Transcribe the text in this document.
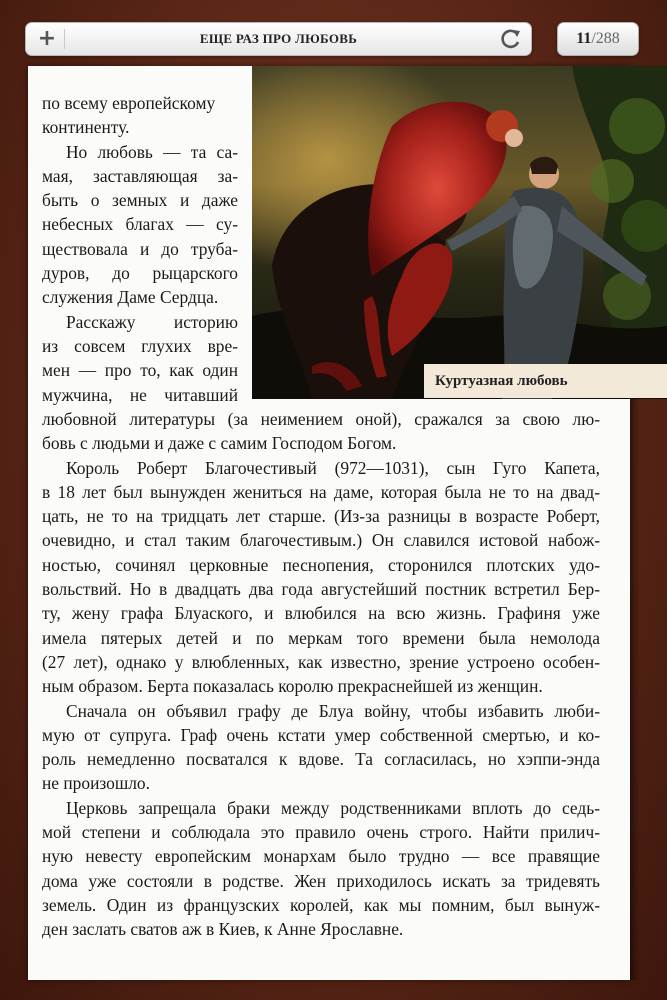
+	ЕЩЕ РАЗ ПРО ЛЮБОВЬ	11/288
Куртуазная любовь
по всему европейскому
континенту.
Но любовь — та са-
мая, заставляющая за-
быть о земных и даже
небесных благах — су-
ществовала и до труба-
дуров, до рыцарского
служения Даме Сердца.
Расскажу историю
из совсем глухих вре-
мен — про то, как один
мужчина, не читавший
любовной литературы (за неимением оной), сражался за свою лю-
бовь с людьми и даже с самим Господом Богом.
Король Роберт Благочестивый (972—1031), сын Гуго Капета,
в 18 лет был вынужден жениться на даме, которая была не то на двад-
цать, не то на тридцать лет старше. (Из-за разницы в возрасте Роберт,
очевидно, и стал таким благочестивым.) Он славился истовой набож-
ностью, сочинял церковные песнопения, сторонился плотских удо-
вольствий. Но в двадцать два года августейший постник встретил Бер-
ту, жену графа Блуаского, и влюбился на всю жизнь. Графиня уже
имела пятерых детей и по меркам того времени была немолода
(27 лет), однако у влюбленных, как известно, зрение устроено особен-
ным образом. Берта показалась королю прекраснейшей из женщин.
Сначала он объявил графу де Блуа войну, чтобы избавить люби-
мую от супруга. Граф очень кстати умер собственной смертью, и ко-
роль немедленно посватался к вдове. Та согласилась, но хэппи-энда
не произошло.
Церковь запрещала браки между родственниками вплоть до седь-
мой степени и соблюдала это правило очень строго. Найти прилич-
ную невесту европейским монархам было трудно — все правящие
дома уже состояли в родстве. Жен приходилось искать за тридевять
земель. Один из французских королей, как мы помним, был вынуж-
ден заслать сватов аж в Киев, к Анне Ярославне.
